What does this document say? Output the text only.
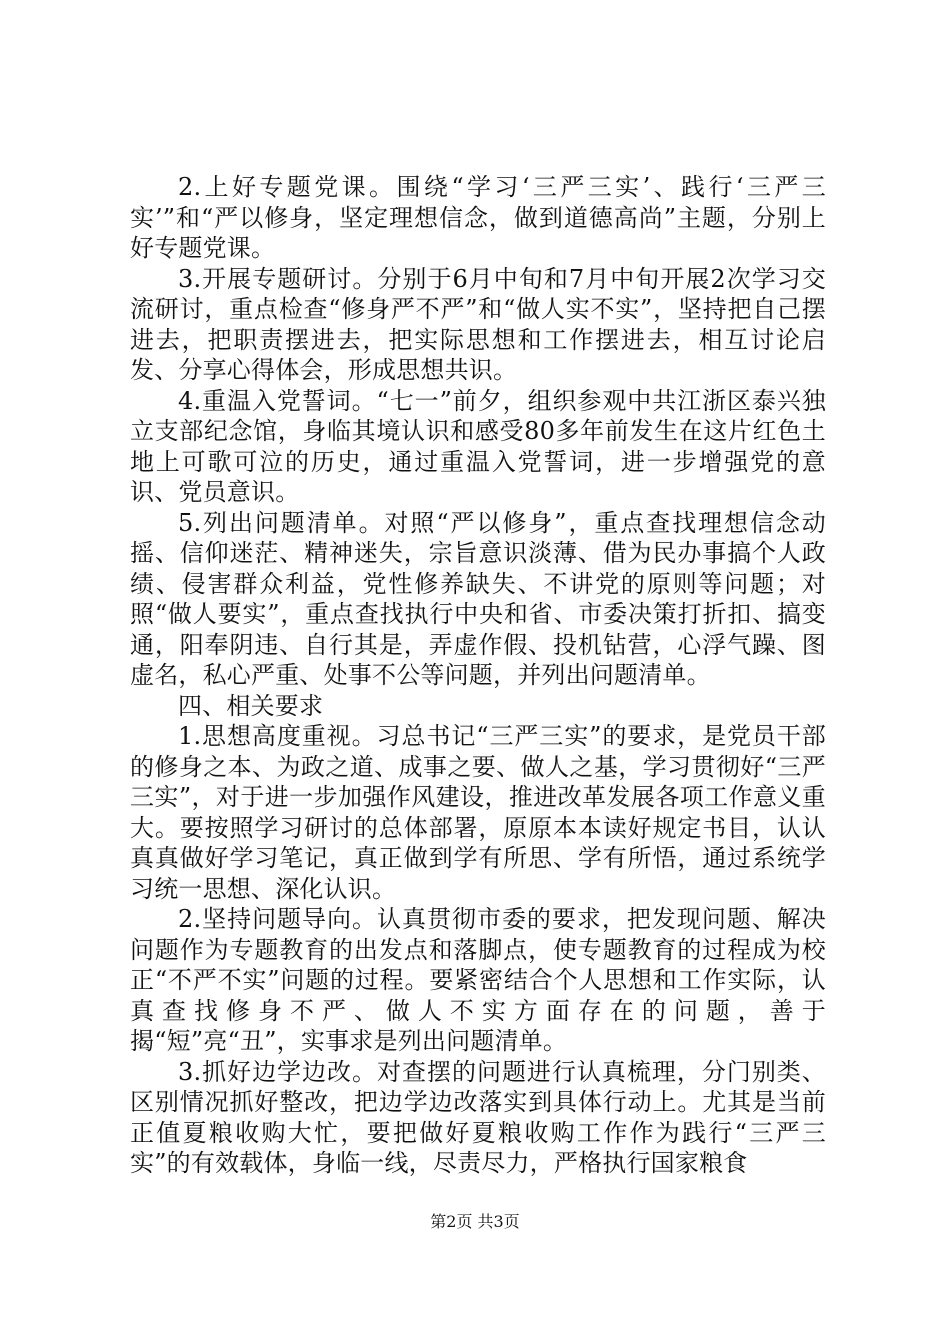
2.上好专题党课。围绕“学习‘三严三实’、践行‘三严三实’”和“严以修身，坚定理想信念，做到道德高尚”主题，分别上好专题党课。

3.开展专题研讨。分别于6月中旬和7月中旬开展2次学习交流研讨，重点检查“修身严不严”和“做人实不实”，坚持把自己摆进去，把职责摆进去，把实际思想和工作摆进去，相互讨论启发、分享心得体会，形成思想共识。

4.重温入党誓词。“七一”前夕，组织参观中共江浙区泰兴独立支部纪念馆，身临其境认识和感受80多年前发生在这片红色土地上可歌可泣的历史，通过重温入党誓词，进一步增强党的意识、党员意识。

5.列出问题清单。对照“严以修身”，重点查找理想信念动摇、信仰迷茫、精神迷失，宗旨意识淡薄、借为民办事搞个人政绩、侵害群众利益，党性修养缺失、不讲党的原则等问题；对照“做人要实”，重点查找执行中央和省、市委决策打折扣、搞变通，阳奉阴违、自行其是，弄虚作假、投机钻营，心浮气躁、图虚名，私心严重、处事不公等问题，并列出问题清单。

四、相关要求

1.思想高度重视。习总书记“三严三实”的要求，是党员干部的修身之本、为政之道、成事之要、做人之基，学习贯彻好“三严三实”，对于进一步加强作风建设，推进改革发展各项工作意义重大。要按照学习研讨的总体部署，原原本本读好规定书目，认认真真做好学习笔记，真正做到学有所思、学有所悟，通过系统学习统一思想、深化认识。

2.坚持问题导向。认真贯彻市委的要求，把发现问题、解决问题作为专题教育的出发点和落脚点，使专题教育的过程成为校正“不严不实”问题的过程。要紧密结合个人思想和工作实际，认真查找修身不严、做人不实方面存在的问题，善于揭“短”亮“丑”，实事求是列出问题清单。

3.抓好边学边改。对查摆的问题进行认真梳理，分门别类、区别情况抓好整改，把边学边改落实到具体行动上。尤其是当前正值夏粮收购大忙，要把做好夏粮收购工作作为践行“三严三实”的有效载体，身临一线，尽责尽力，严格执行国家粮食

第2页 共3页
